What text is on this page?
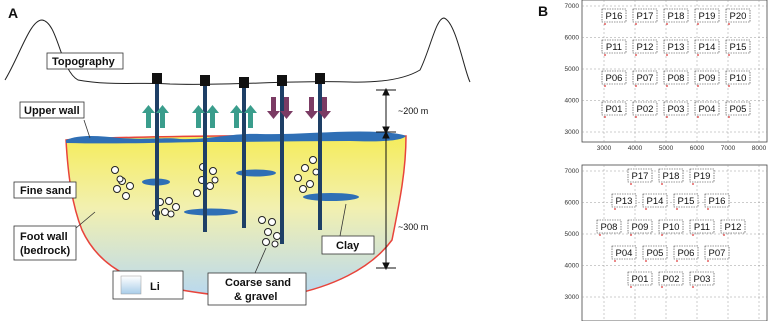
A
~200 m
~300 m
Topography
Upper wall
Fine sand
Foot wall
(bedrock)	Clay
Coarse sand
& gravel
Li
B	7000
6000
5000
4000
3000
3000	4000	5000	6000	7000	8000
P16 P17 P18 P19 P20
P11 P12 P13 P14 P15
P06 P07 P08 P09 P10
P01 P02 P03 P04 P05
7000
6000
5000
4000
3000
P17 P18 P19
P13 P14 P15 P16
P08 P09 P10 P11 P12
P04 P05 P06 P07
P01 P02 P03
